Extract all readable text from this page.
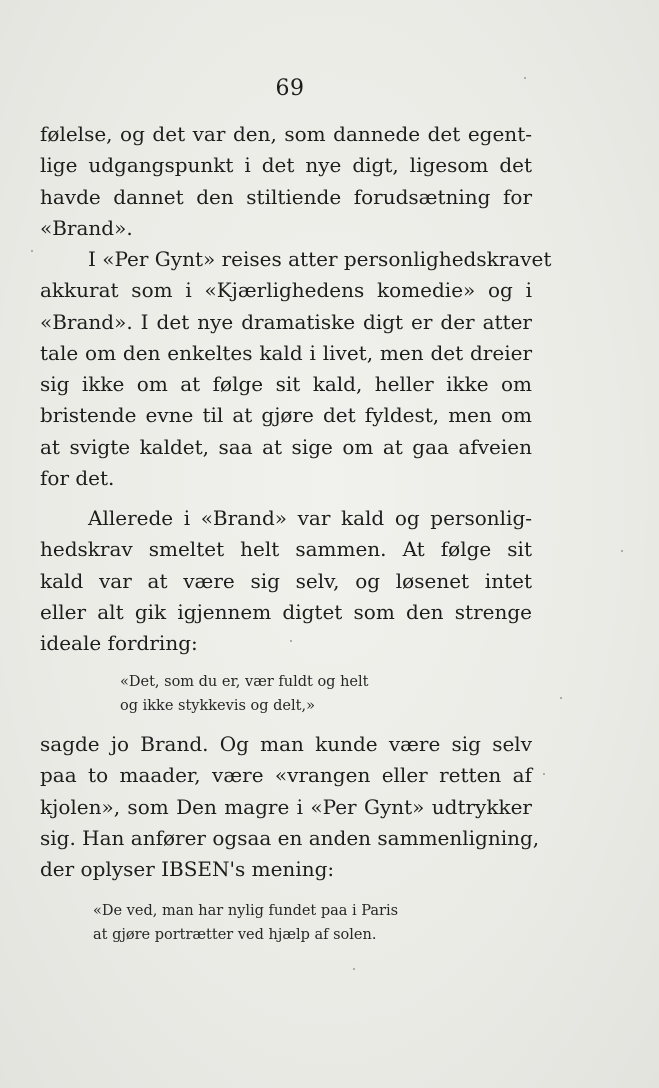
69
følelse, og det var den, som dannede det egent-
lige udgangspunkt i det nye digt, ligesom det
havde dannet den stiltiende forudsætning for
«Brand».
I «Per Gynt» reises atter personlighedskravet
akkurat som i «Kjærlighedens komedie» og i
«Brand». I det nye dramatiske digt er der atter
tale om den enkeltes kald i livet, men det dreier
sig ikke om at følge sit kald, heller ikke om
bristende evne til at gjøre det fyldest, men om
at svigte kaldet, saa at sige om at gaa afveien
for det.
Allerede i «Brand» var kald og personlig-
hedskrav smeltet helt sammen. At følge sit
kald var at være sig selv, og løsenet intet
eller alt gik igjennem digtet som den strenge
ideale fordring:
«Det, som du er, vær fuldt og helt
og ikke stykkevis og delt,»
sagde jo Brand. Og man kunde være sig selv
paa to maader, være «vrangen eller retten af
kjolen», som Den magre i «Per Gynt» udtrykker
sig. Han anfører ogsaa en anden sammenligning,
der oplyser IBSEN's mening:
«De ved, man har nylig fundet paa i Paris
at gjøre portrætter ved hjælp af solen.
